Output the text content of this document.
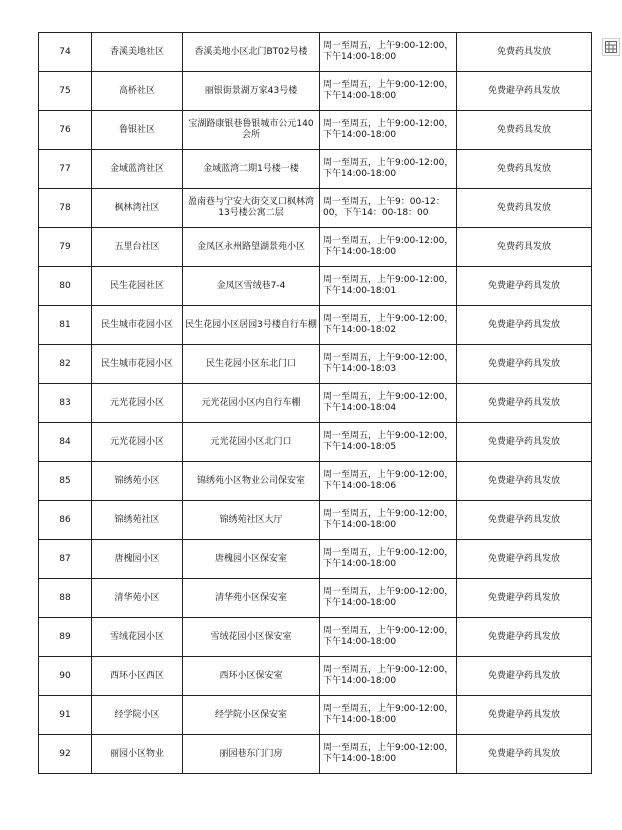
74	香溪美地社区	香溪美地小区北门BT02号楼	周一至周五，上午9:00-12:00，下午14:00-18:00	免费药具发放
75	高桥社区	丽银街景湖万家43号楼	周一至周五，上午9:00-12:00，下午14:00-18:00	免费避孕药具发放
76	鲁银社区	宝湖路康银巷鲁银城市公元140会所	周一至周五，上午9:00-12:00，下午14:00-18:00	免费药具发放
77	金域蓝湾社区	金域蓝湾二期1号楼一楼	周一至周五，上午9:00-12:00，下午14:00-18:00	免费药具发放
78	枫林湾社区	盈南巷与宁安大街交叉口枫林湾13号楼公寓二层	周一至周五，上午9：00-12：00，下午14：00-18：00	免费药具发放
79	五里台社区	金凤区永州路望湖景苑小区	周一至周五，上午9:00-12:00，下午14:00-18:00	免费药具发放
80	民生花园社区	金凤区雪绒巷7-4	周一至周五，上午9:00-12:00，下午14:00-18:01	免费避孕药具发放
81	民生城市花园小区	民生花园小区居园3号楼自行车棚	周一至周五，上午9:00-12:00，下午14:00-18:02	免费避孕药具发放
82	民生城市花园小区	民生花园小区东北门口	周一至周五，上午9:00-12:00，下午14:00-18:03	免费避孕药具发放
83	元光花园小区	元光花园小区内自行车棚	周一至周五，上午9:00-12:00，下午14:00-18:04	免费避孕药具发放
84	元光花园小区	元光花园小区北门口	周一至周五，上午9:00-12:00，下午14:00-18:05	免费避孕药具发放
85	锦绣苑小区	锦绣苑小区物业公司保安室	周一至周五，上午9:00-12:00，下午14:00-18:06	免费避孕药具发放
86	锦绣苑社区	锦绣苑社区大厅	周一至周五，上午9:00-12:00，下午14:00-18:00	免费避孕药具发放
87	唐槐园小区	唐槐园小区保安室	周一至周五，上午9:00-12:00，下午14:00-18:00	免费避孕药具发放
88	清华苑小区	清华苑小区保安室	周一至周五，上午9:00-12:00，下午14:00-18:00	免费避孕药具发放
89	雪绒花园小区	雪绒花园小区保安室	周一至周五，上午9:00-12:00，下午14:00-18:00	免费避孕药具发放
90	西环小区西区	西环小区保安室	周一至周五，上午9:00-12:00，下午14:00-18:00	免费避孕药具发放
91	经学院小区	经学院小区保安室	周一至周五，上午9:00-12:00，下午14:00-18:00	免费避孕药具发放
92	丽园小区物业	丽园巷东门门房	周一至周五，上午9:00-12:00，下午14:00-18:00	免费避孕药具发放
